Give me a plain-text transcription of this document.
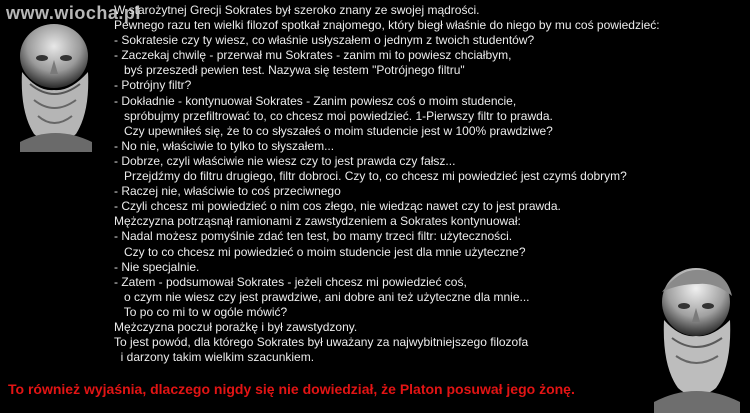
www.wiocha.pl
W starożytnej Grecji Sokrates był szeroko znany ze swojej mądrości.
Pewnego razu ten wielki filozof spotkał znajomego, który biegł właśnie do niego by mu coś powiedzieć:
- Sokratesie czy ty wiesz, co właśnie usłyszałem o jednym z twoich studentów?
- Zaczekaj chwilę - przerwał mu Sokrates - zanim mi to powiesz chciałbym,
byś przeszedł pewien test. Nazywa się testem "Potrójnego filtru"
- Potrójny filtr?
- Dokładnie - kontynuował Sokrates - Zanim powiesz coś o moim studencie,
spróbujmy przefiltrować to, co chcesz moi powiedzieć. 1-Pierwszy filtr to prawda.
Czy upewniłeś się, że to co słyszałeś o moim studencie jest w 100% prawdziwe?
- No nie, właściwie to tylko to słyszałem...
- Dobrze, czyli właściwie nie wiesz czy to jest prawda czy fałsz...
Przejdźmy do filtru drugiego, filtr dobroci. Czy to, co chcesz mi powiedzieć jest czymś dobrym?
- Raczej nie, właściwie to coś przeciwnego
- Czyli chcesz mi powiedzieć o nim cos złego, nie wiedząc nawet czy to jest prawda.
Mężczyzna potrząsnął ramionami z zawstydzeniem a Sokrates kontynuował:
- Nadal możesz pomyślnie zdać ten test, bo mamy trzeci filtr: użyteczności.
Czy to co chcesz mi powiedzieć o moim studencie jest dla mnie użyteczne?
- Nie specjalnie.
- Zatem - podsumował Sokrates - jeżeli chcesz mi powiedzieć coś,
o czym nie wiesz czy jest prawdziwe, ani dobre ani też użyteczne dla mnie...
To po co mi to w ogóle mówić?
Mężczyzna poczuł porażkę i był zawstydzony.
To jest powód, dla którego Sokrates był uważany za najwybitniejszego filozofa
i darzony takim wielkim szacunkiem.
To również wyjaśnia, dlaczego nigdy się nie dowiedział, że Platon posuwał jego żonę.
